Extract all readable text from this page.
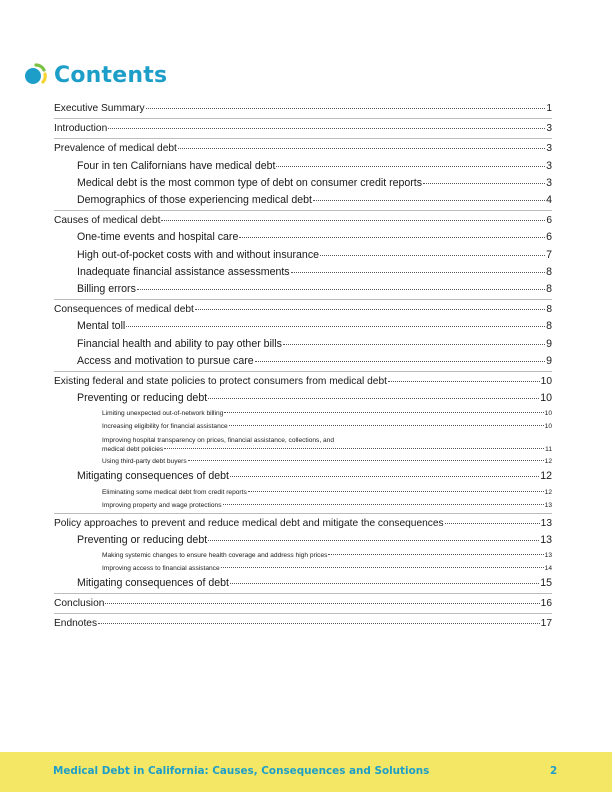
Contents
Executive Summary	1
Introduction	3
Prevalence of medical debt	3
Four in ten Californians have medical debt	3
Medical debt is the most common type of debt on consumer credit reports	3
Demographics of those experiencing medical debt	4
Causes of medical debt	6
One-time events and hospital care	6
High out-of-pocket costs with and without insurance	7
Inadequate financial assistance assessments	8
Billing errors	8
Consequences of medical debt	8
Mental toll	8
Financial health and ability to pay other bills	9
Access and motivation to pursue care	9
Existing federal and state policies to protect consumers from medical debt	10
Preventing or reducing debt	10
Limiting unexpected out-of-network billing	10
Increasing eligibility for financial assistance	10
Improving hospital transparency on prices, financial assistance, collections, and
medical debt policies	11
Using third-party debt buyers	12
Mitigating consequences of debt	12
Eliminating some medical debt from credit reports	12
Improving property and wage protections	13
Policy approaches to prevent and reduce medical debt and mitigate the consequences	13
Preventing or reducing debt	13
Making systemic changes to ensure health coverage and address high prices	13
Improving access to financial assistance	14
Mitigating consequences of debt	15
Conclusion	16
Endnotes	17
Medical Debt in California: Causes, Consequences and Solutions	2
